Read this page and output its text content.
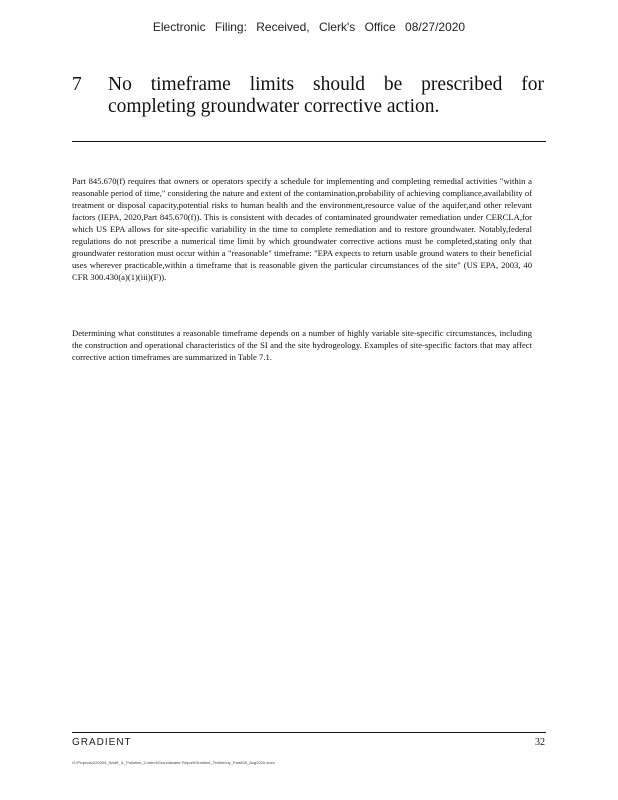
Electronic Filing: Received, Clerk's Office 08/27/2020
7	No timeframe limits should be prescribed for completing groundwater corrective action.

Part 845.670(f) requires that owners or operators specify a schedule for implementing and completing remedial activities "within a reasonable period of time," considering the nature and extent of the contamination,probability of achieving compliance,availability of treatment or disposal capacity,potential risks to human health and the environment,resource value of the aquifer,and other relevant factors (IEPA, 2020,Part 845.670(f)). This is consistent with decades of contaminated groundwater remediation under CERCLA,for which US EPA allows for site-specific variability in the time to complete remediation and to restore groundwater. Notably,federal regulations do not prescribe a numerical time limit by which groundwater corrective actions must be completed,stating only that groundwater restoration must occur within a "reasonable" timeframe: "EPA expects to return usable ground waters to their beneficial uses wherever practicable,within a timeframe that is reasonable given the particular circumstances of the site" (US EPA, 2003, 40 CFR 300.430(a)(1)(iii)(F)).

Determining what constitutes a reasonable timeframe depends on a number of highly variable site-specific circumstances, including the construction and operational characteristics of the SI and the site hydrogeology. Examples of site-specific factors that may affect corrective action timeframes are summarized in Table 7.1.

GRADIENT	32
G:\Projects\220004_Schiff_IL_Pollution_Control\Groundwater Report\Gradient_Testimony_Part845_Aug2020.docx
